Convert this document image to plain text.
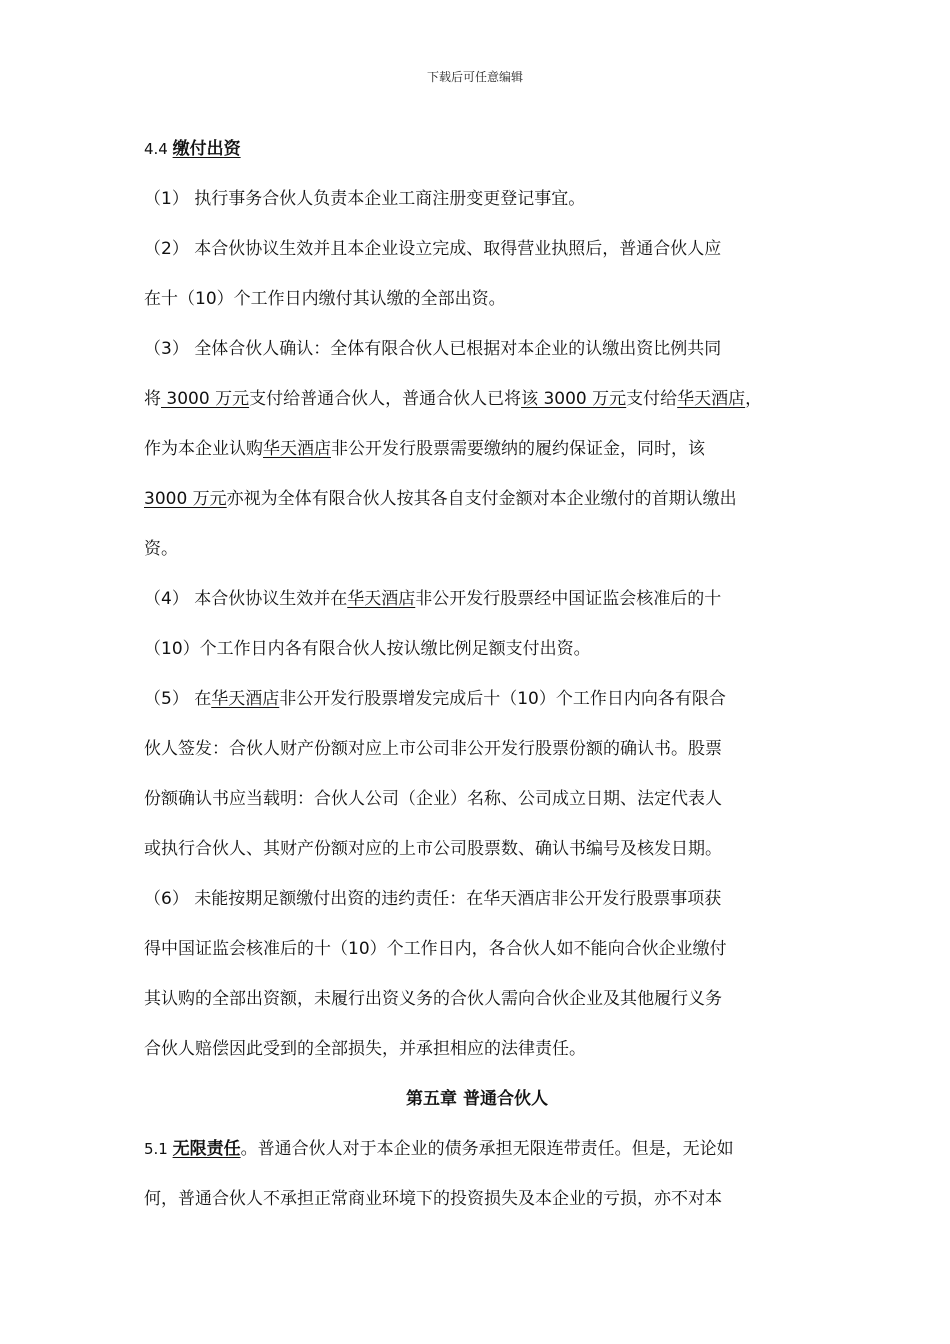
下载后可任意编辑
4.4 缴付出资
（1） 执行事务合伙人负责本企业工商注册变更登记事宜。
（2） 本合伙协议生效并且本企业设立完成、取得营业执照后，普通合伙人应
在十（10）个工作日内缴付其认缴的全部出资。
（3） 全体合伙人确认：全体有限合伙人已根据对本企业的认缴出资比例共同
将 3000 万元支付给普通合伙人，普通合伙人已将该 3000 万元支付给华天酒店，
作为本企业认购华天酒店非公开发行股票需要缴纳的履约保证金，同时，该
3000 万元亦视为全体有限合伙人按其各自支付金额对本企业缴付的首期认缴出
资。
（4） 本合伙协议生效并在华天酒店非公开发行股票经中国证监会核准后的十
（10）个工作日内各有限合伙人按认缴比例足额支付出资。
（5） 在华天酒店非公开发行股票增发完成后十（10）个工作日内向各有限合
伙人签发：合伙人财产份额对应上市公司非公开发行股票份额的确认书。股票
份额确认书应当载明：合伙人公司（企业）名称、公司成立日期、法定代表人
或执行合伙人、其财产份额对应的上市公司股票数、确认书编号及核发日期。
（6） 未能按期足额缴付出资的违约责任：在华天酒店非公开发行股票事项获
得中国证监会核准后的十（10）个工作日内，各合伙人如不能向合伙企业缴付
其认购的全部出资额，未履行出资义务的合伙人需向合伙企业及其他履行义务
合伙人赔偿因此受到的全部损失，并承担相应的法律责任。
第五章 普通合伙人
5.1 无限责任。普通合伙人对于本企业的债务承担无限连带责任。但是，无论如
何，普通合伙人不承担正常商业环境下的投资损失及本企业的亏损，亦不对本
